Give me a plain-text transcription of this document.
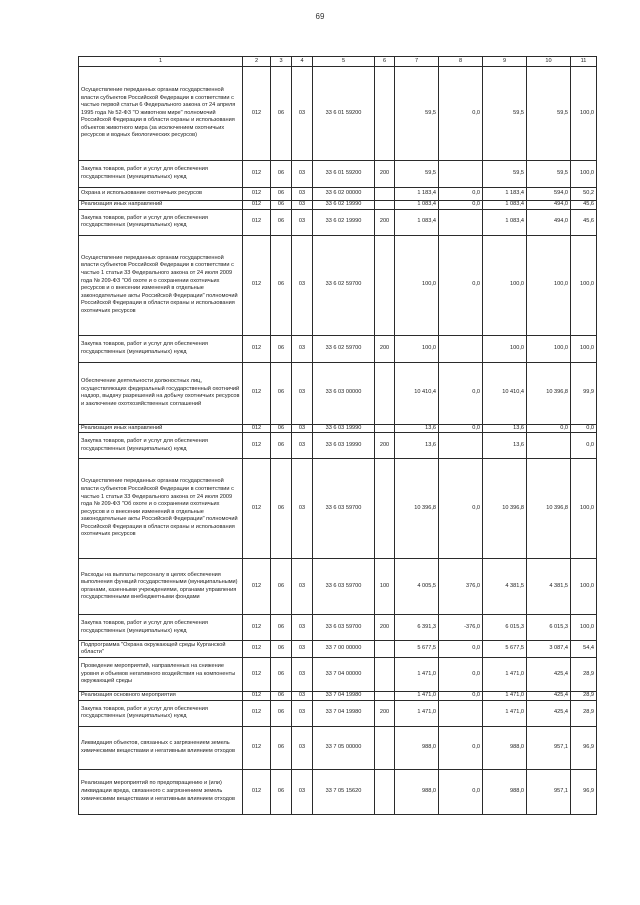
69
1	2	3	4	5	6	7	8	9	10	11
Осуществление переданных органам государственной власти субъектов Российской Федерации в соответствии с частью первой статьи 6 Федерального закона от 24 апреля 1995 года № 52-ФЗ "О животном мире" полномочий Российской Федерации в области охраны и использования объектов животного мира (за исключением охотничьих ресурсов и водных биологических ресурсов)	012	06	03	33 6 01 59200		59,5	0,0	59,5	59,5	100,0
Закупка товаров, работ и услуг для обеспечения государственных (муниципальных) нужд	012	06	03	33 6 01 59200	200	59,5		59,5	59,5	100,0
Охрана и использование охотничьих ресурсов	012	06	03	33 6 02 00000		1 183,4	0,0	1 183,4	594,0	50,2
Реализация иных направлений	012	06	03	33 6 02 19990		1 083,4	0,0	1 083,4	494,0	45,6
Закупка товаров, работ и услуг для обеспечения государственных (муниципальных) нужд	012	06	03	33 6 02 19990	200	1 083,4		1 083,4	494,0	45,6
Осуществление переданных органам государственной власти субъектов Российской Федерации в соответствии с частью 1 статьи 33 Федерального закона от 24 июля 2009 года № 209-ФЗ "Об охоте и о сохранении охотничьих ресурсов и о внесении изменений в отдельные законодательные акты Российской Федерации" полномочий Российской Федерации в области охраны и использования охотничьих ресурсов	012	06	03	33 6 02 59700		100,0	0,0	100,0	100,0	100,0
Закупка товаров, работ и услуг для обеспечения государственных (муниципальных) нужд	012	06	03	33 6 02 59700	200	100,0		100,0	100,0	100,0
Обеспечение деятельности должностных лиц, осуществляющих федеральный государственный охотничий надзор, выдачу разрешений на добычу охотничьих ресурсов и заключение охотхозяйственных соглашений	012	06	03	33 6 03 00000		10 410,4	0,0	10 410,4	10 396,8	99,9
Реализация иных направлений	012	06	03	33 6 03 19990		13,6	0,0	13,6	0,0	0,0
Закупка товаров, работ и услуг для обеспечения государственных (муниципальных) нужд	012	06	03	33 6 03 19990	200	13,6		13,6		0,0
Осуществление переданных органам государственной власти субъектов Российской Федерации в соответствии с частью 1 статьи 33 Федерального закона от 24 июля 2009 года № 209-ФЗ "Об охоте и о сохранении охотничьих ресурсов и о внесении изменений в отдельные законодательные акты Российской Федерации" полномочий Российской Федерации в области охраны и использования охотничьих ресурсов	012	06	03	33 6 03 59700		10 396,8	0,0	10 396,8	10 396,8	100,0
Расходы на выплаты персоналу в целях обеспечения выполнения функций государственными (муниципальными) органами, казенными учреждениями, органами управления государственными внебюджетными фондами	012	06	03	33 6 03 59700	100	4 005,5	376,0	4 381,5	4 381,5	100,0
Закупка товаров, работ и услуг для обеспечения государственных (муниципальных) нужд	012	06	03	33 6 03 59700	200	6 391,3	-376,0	6 015,3	6 015,3	100,0
Подпрограмма "Охрана окружающей среды Курганской области"	012	06	03	33 7 00 00000		5 677,5	0,0	5 677,5	3 087,4	54,4
Проведение мероприятий, направленных на снижение уровня и объемов негативного воздействия на компоненты окружающей среды	012	06	03	33 7 04 00000		1 471,0	0,0	1 471,0	425,4	28,9
Реализация основного мероприятия	012	06	03	33 7 04 19980		1 471,0	0,0	1 471,0	425,4	28,9
Закупка товаров, работ и услуг для обеспечения государственных (муниципальных) нужд	012	06	03	33 7 04 19980	200	1 471,0		1 471,0	425,4	28,9
Ликвидация объектов, связанных с загрязнением земель химическими веществами и негативным влиянием отходов	012	06	03	33 7 05 00000		988,0	0,0	988,0	957,1	96,9
Реализация мероприятий по предотвращению и (или) ликвидации вреда, связанного с загрязнением земель химическими веществами и негативным влиянием отходов	012	06	03	33 7 05 15620		988,0	0,0	988,0	957,1	96,9
